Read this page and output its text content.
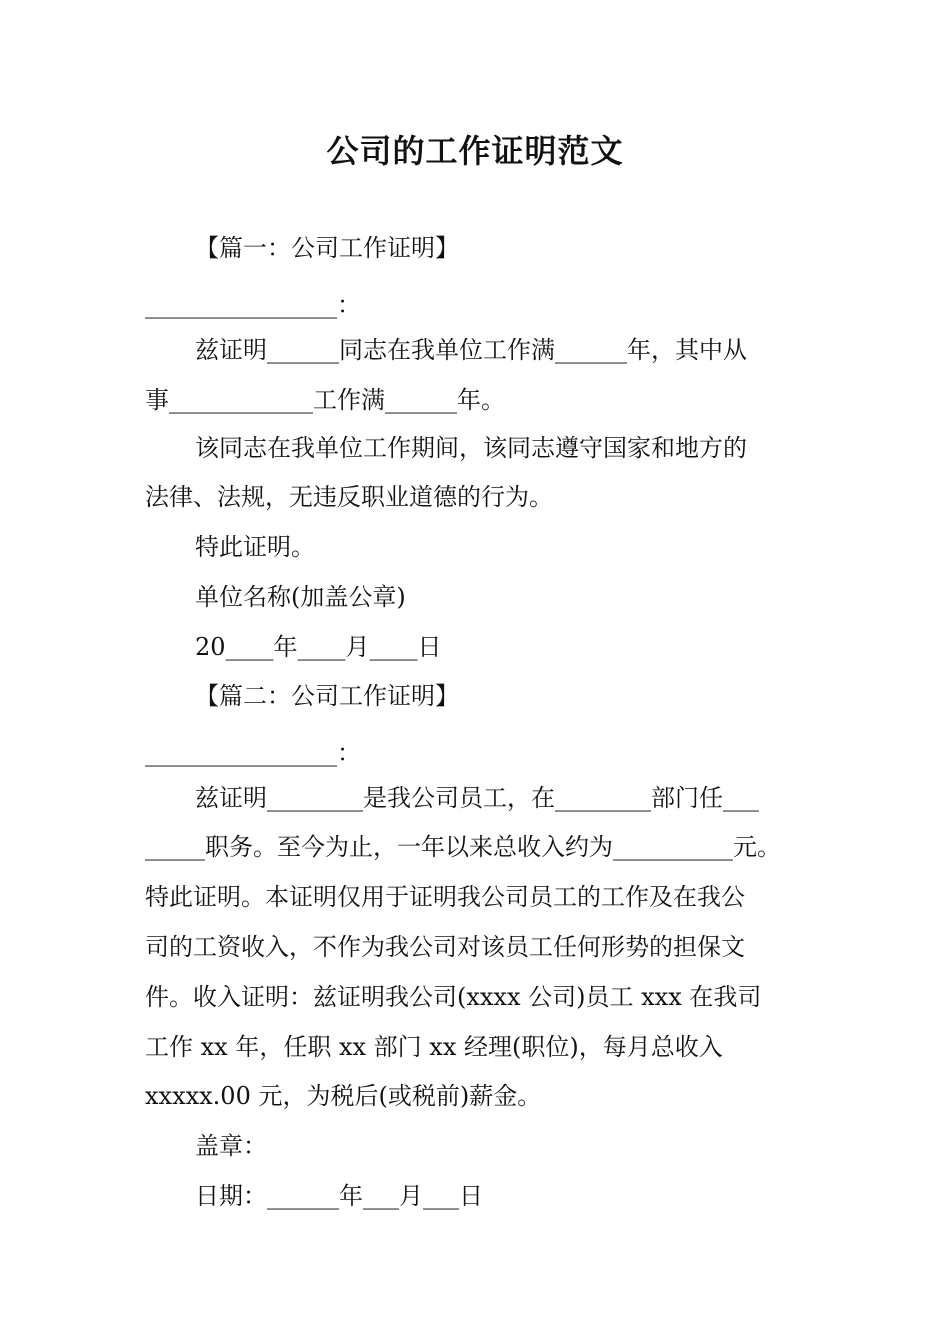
公司的工作证明范文
【篇一：公司工作证明】
________________：
兹证明______同志在我单位工作满______年，其中从
事____________工作满______年。
该同志在我单位工作期间，该同志遵守国家和地方的
法律、法规，无违反职业道德的行为。
特此证明。
单位名称(加盖公章)
20____年____月____日
【篇二：公司工作证明】
________________：
兹证明________是我公司员工，在________部门任___
_____职务。至今为止，一年以来总收入约为__________元。
特此证明。本证明仅用于证明我公司员工的工作及在我公
司的工资收入，不作为我公司对该员工任何形势的担保文
件。收入证明：兹证明我公司(xxxx 公司)员工 xxx 在我司
工作 xx 年，任职 xx 部门 xx 经理(职位)，每月总收入
xxxxx.00 元，为税后(或税前)薪金。
盖章：
日期：______年___月___日
